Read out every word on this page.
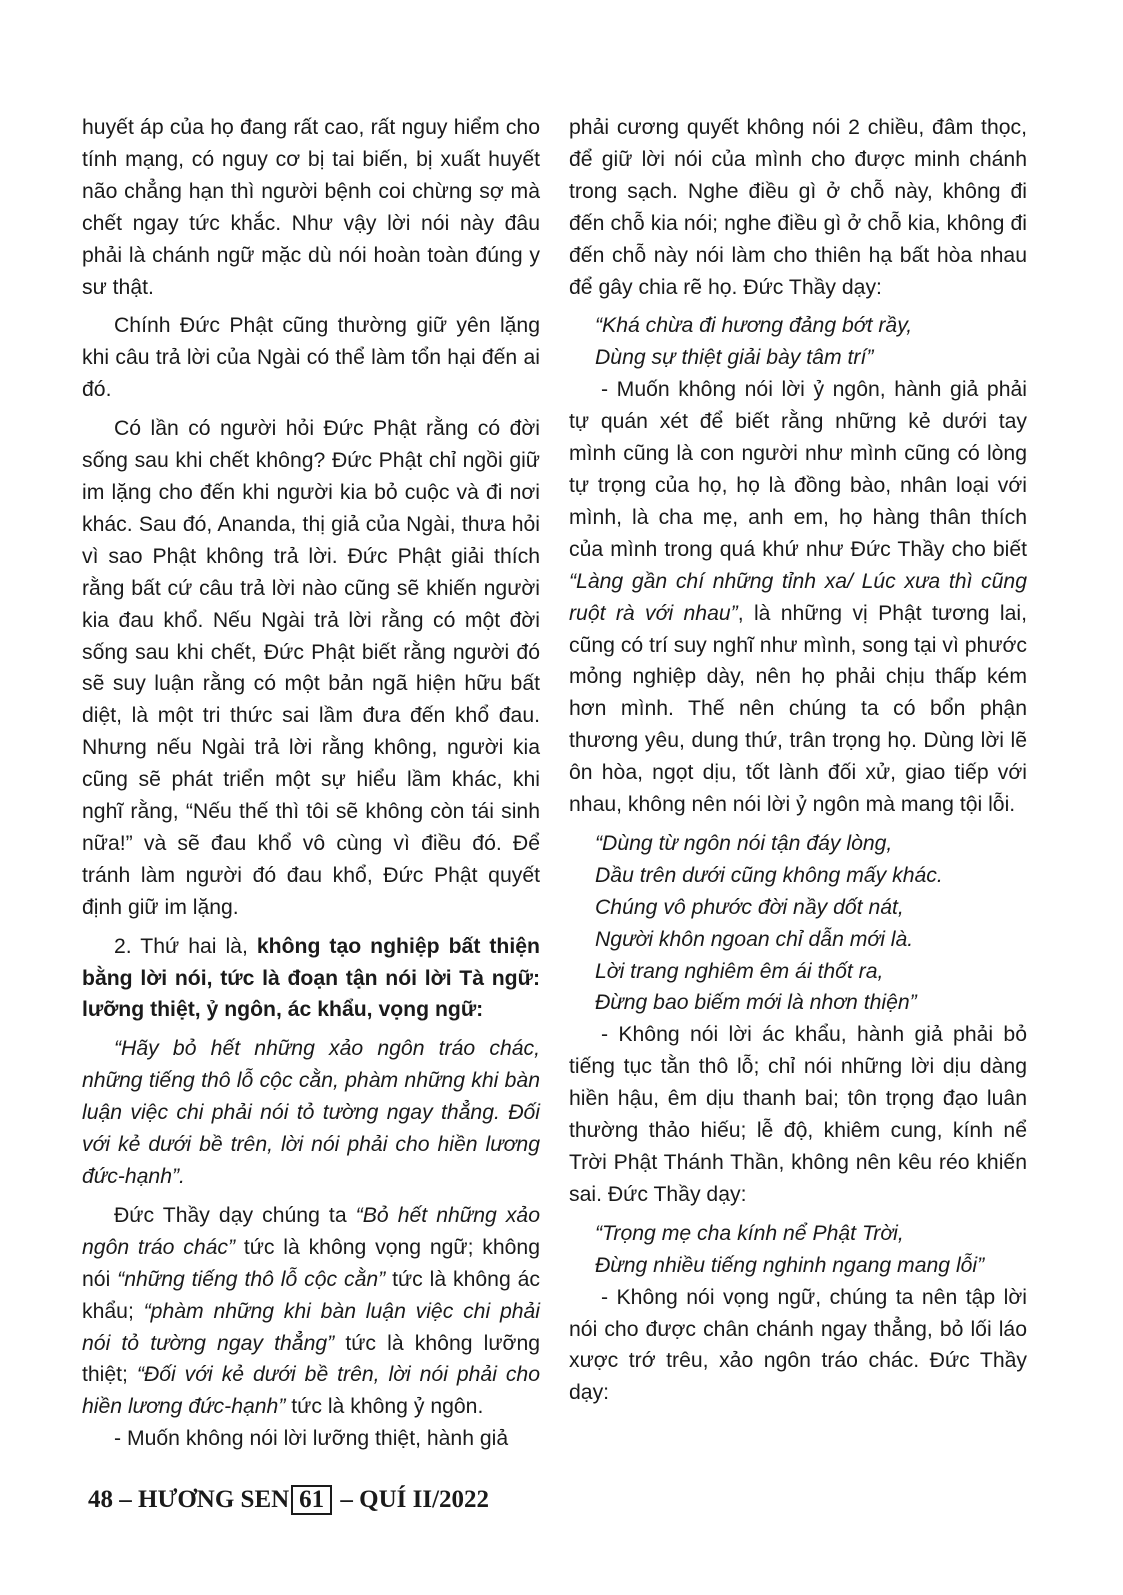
huyết áp của họ đang rất cao, rất nguy hiểm cho tính mạng, có nguy cơ bị tai biến, bị xuất huyết não chẳng hạn thì người bệnh coi chừng sợ mà chết ngay tức khắc. Như vậy lời nói này đâu phải là chánh ngữ mặc dù nói hoàn toàn đúng y sư thật.

Chính Đức Phật cũng thường giữ yên lặng khi câu trả lời của Ngài có thể làm tổn hại đến ai đó.

Có lần có người hỏi Đức Phật rằng có đời sống sau khi chết không? Đức Phật chỉ ngồi giữ im lặng cho đến khi người kia bỏ cuộc và đi nơi khác. Sau đó, Ananda, thị giả của Ngài, thưa hỏi vì sao Phật không trả lời. Đức Phật giải thích rằng bất cứ câu trả lời nào cũng sẽ khiến người kia đau khổ. Nếu Ngài trả lời rằng có một đời sống sau khi chết, Đức Phật biết rằng người đó sẽ suy luận rằng có một bản ngã hiện hữu bất diệt, là một tri thức sai lầm đưa đến khổ đau. Nhưng nếu Ngài trả lời rằng không, người kia cũng sẽ phát triển một sự hiểu lầm khác, khi nghĩ rằng, “Nếu thế thì tôi sẽ không còn tái sinh nữa!” và sẽ đau khổ vô cùng vì điều đó. Để tránh làm người đó đau khổ, Đức Phật quyết định giữ im lặng.

2. Thứ hai là, không tạo nghiệp bất thiện bằng lời nói, tức là đoạn tận nói lời Tà ngữ: lưỡng thiệt, ỷ ngôn, ác khẩu, vọng ngữ:

“Hãy bỏ hết những xảo ngôn tráo chác, những tiếng thô lỗ cộc cằn, phàm những khi bàn luận việc chi phải nói tỏ tường ngay thẳng. Đối với kẻ dưới bề trên, lời nói phải cho hiền lương đức-hạnh”.

Đức Thầy dạy chúng ta “Bỏ hết những xảo ngôn tráo chác” tức là không vọng ngữ; không nói “những tiếng thô lỗ cộc cằn” tức là không ác khẩu; “phàm những khi bàn luận việc chi phải nói tỏ tường ngay thẳng” tức là không lưỡng thiệt; “Đối với kẻ dưới bề trên, lời nói phải cho hiền lương đức-hạnh” tức là không ỷ ngôn.

- Muốn không nói lời lưỡng thiệt, hành giả

phải cương quyết không nói 2 chiều, đâm thọc, để giữ lời nói của mình cho được minh chánh trong sạch. Nghe điều gì ở chỗ này, không đi đến chỗ kia nói; nghe điều gì ở chỗ kia, không đi đến chỗ này nói làm cho thiên hạ bất hòa nhau để gây chia rẽ họ. Đức Thầy dạy:

“Khá chừa đi hương đảng bớt rầy,
Dùng sự thiệt giải bày tâm trí”

- Muốn không nói lời ỷ ngôn, hành giả phải tự quán xét để biết rằng những kẻ dưới tay mình cũng là con người như mình cũng có lòng tự trọng của họ, họ là đồng bào, nhân loại với mình, là cha mẹ, anh em, họ hàng thân thích của mình trong quá khứ như Đức Thầy cho biết “Làng gần chí những tỉnh xa/ Lúc xưa thì cũng ruột rà với nhau”, là những vị Phật tương lai, cũng có trí suy nghĩ như mình, song tại vì phước mỏng nghiệp dày, nên họ phải chịu thấp kém hơn mình. Thế nên chúng ta có bổn phận thương yêu, dung thứ, trân trọng họ. Dùng lời lẽ ôn hòa, ngọt dịu, tốt lành đối xử, giao tiếp với nhau, không nên nói lời ỷ ngôn mà mang tội lỗi.

“Dùng từ ngôn nói tận đáy lòng,
Dầu trên dưới cũng không mấy khác.
Chúng vô phước đời nầy dốt nát,
Người khôn ngoan chỉ dẫn mới là.
Lời trang nghiêm êm ái thốt ra,
Đừng bao biếm mới là nhơn thiện”

- Không nói lời ác khẩu, hành giả phải bỏ tiếng tục tằn thô lỗ; chỉ nói những lời dịu dàng hiền hậu, êm dịu thanh bai; tôn trọng đạo luân thường thảo hiếu; lễ độ, khiêm cung, kính nể Trời Phật Thánh Thần, không nên kêu réo khiến sai. Đức Thầy dạy:

“Trọng mẹ cha kính nể Phật Trời,
Đừng nhiều tiếng nghinh ngang mang lỗi”

- Không nói vọng ngữ, chúng ta nên tập lời nói cho được chân chánh ngay thẳng, bỏ lối láo xược trớ trêu, xảo ngôn tráo chác. Đức Thầy dạy:

48 – HƯƠNG SEN 61 – QUÍ II/2022
